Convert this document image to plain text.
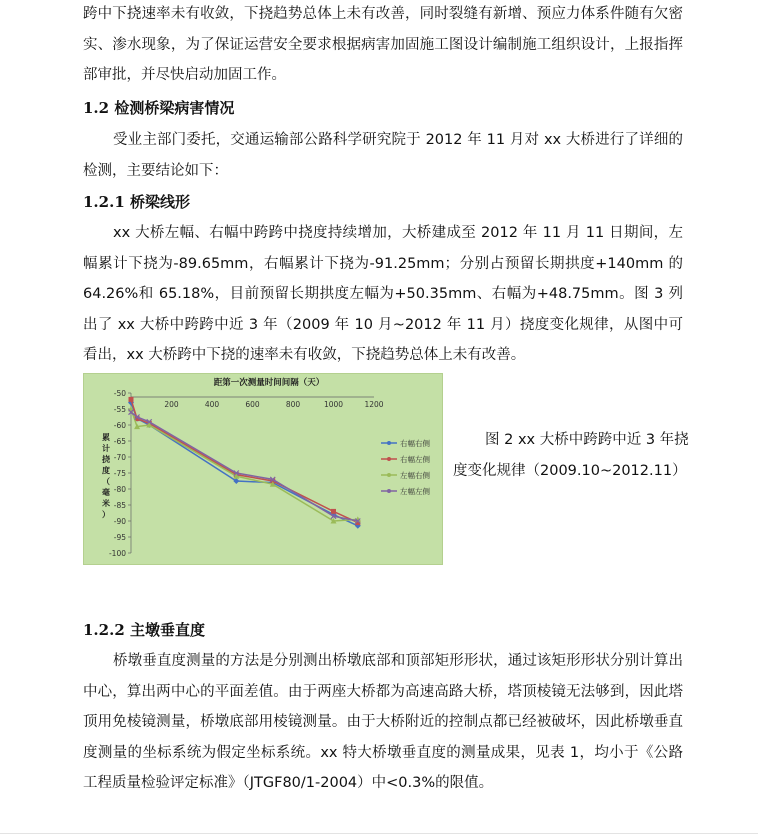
跨中下挠速率未有收敛，下挠趋势总体上未有改善，同时裂缝有新增、预应力体系件随有欠密实、渗水现象，为了保证运营安全要求根据病害加固施工图设计编制施工组织设计，上报指挥部审批，并尽快启动加固工作。

1.2 检测桥梁病害情况

受业主部门委托，交通运输部公路科学研究院于 2012 年 11 月对 xx 大桥进行了详细的检测，主要结论如下：

1.2.1 桥梁线形

xx 大桥左幅、右幅中跨跨中挠度持续增加，大桥建成至 2012 年 11 月 11 日期间，左幅累计下挠为-89.65mm，右幅累计下挠为-91.25mm；分别占预留长期拱度+140mm 的 64.26%和 65.18%，目前预留长期拱度左幅为+50.35mm、右幅为+48.75mm。图 3 列出了 xx 大桥中跨跨中近 3 年（2009 年 10 月~2012 年 11 月）挠度变化规律，从图中可看出，xx 大桥跨中下挠的速率未有收敛，下挠趋势总体上未有改善。

距第一次测量时间间隔（天）
-50
-55
-60
-65
-70
-75
-80
-85
-90
-95
-100
200	400	600	800	1000	1200
累
计
挠
度
（
毫
米
）
右幅右侧
右幅左侧
左幅右侧
左幅左侧

图 2 xx 大桥中跨跨中近 3 年挠度变化规律（2009.10~2012.11）

1.2.2 主墩垂直度

桥墩垂直度测量的方法是分别测出桥墩底部和顶部矩形形状，通过该矩形形状分别计算出中心，算出两中心的平面差值。由于两座大桥都为高速高路大桥，塔顶棱镜无法够到，因此塔顶用免棱镜测量，桥墩底部用棱镜测量。由于大桥附近的控制点都已经被破坏，因此桥墩垂直度测量的坐标系统为假定坐标系统。xx 特大桥墩垂直度的测量成果，见表 1，均小于《公路工程质量检验评定标准》（JTGF80/1-2004）中<0.3%的限值。
